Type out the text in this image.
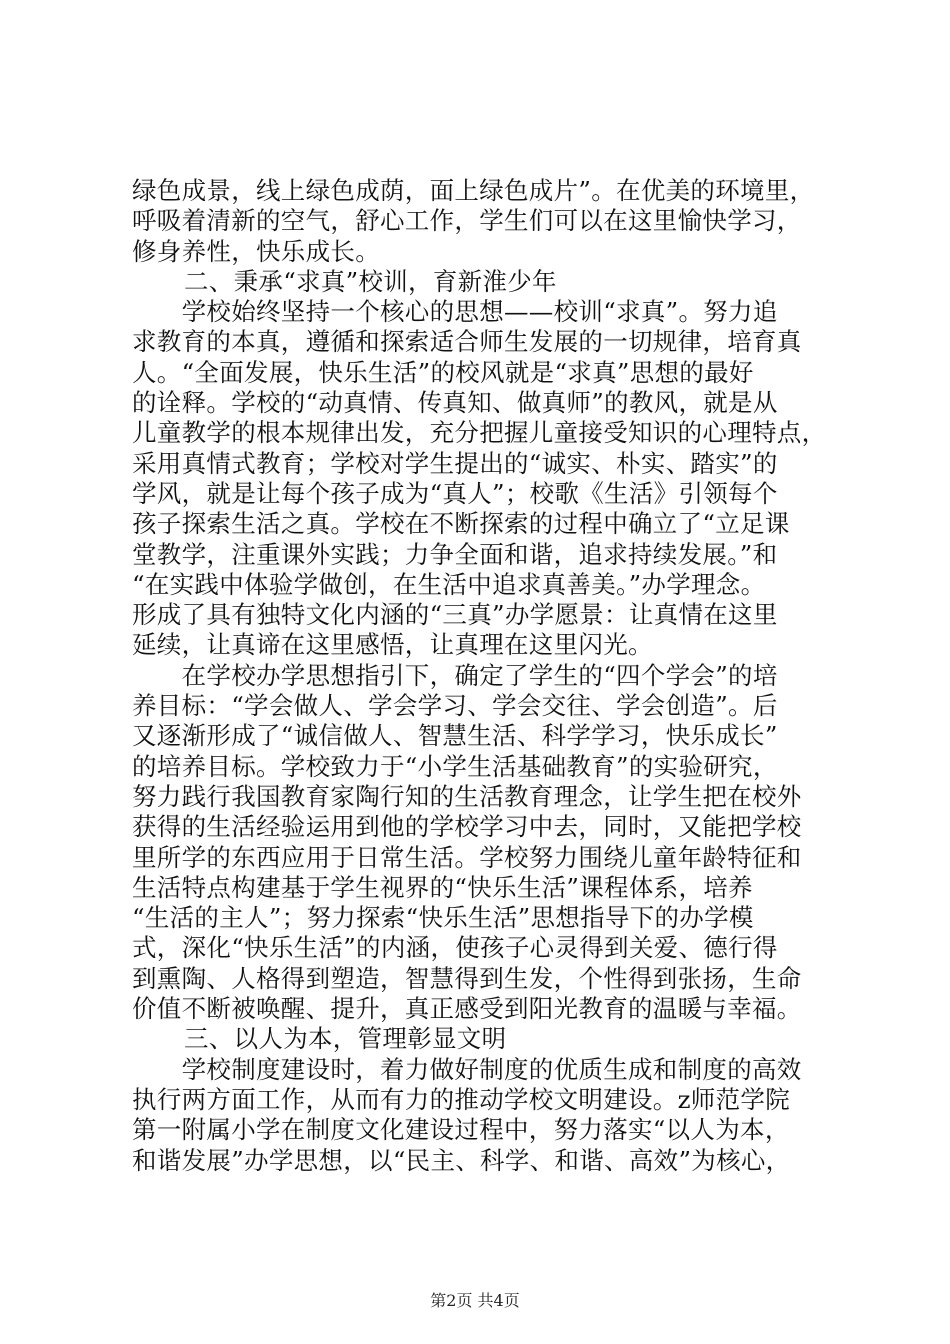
绿色成景，线上绿色成荫，面上绿色成片”。在优美的环境里，
呼吸着清新的空气，舒心工作，学生们可以在这里愉快学习，
修身养性，快乐成长。
二、秉承“求真”校训，育新淮少年
　　学校始终坚持一个核心的思想——校训“求真”。努力追
求教育的本真，遵循和探索适合师生发展的一切规律，培育真
人。“全面发展，快乐生活”的校风就是“求真”思想的最好
的诠释。学校的“动真情、传真知、做真师”的教风，就是从
儿童教学的根本规律出发，充分把握儿童接受知识的心理特点，
采用真情式教育；学校对学生提出的“诚实、朴实、踏实”的
学风，就是让每个孩子成为“真人”；校歌《生活》引领每个
孩子探索生活之真。学校在不断探索的过程中确立了“立足课
堂教学，注重课外实践；力争全面和谐，追求持续发展。”和
“在实践中体验学做创，在生活中追求真善美。”办学理念。
形成了具有独特文化内涵的“三真”办学愿景：让真情在这里
延续，让真谛在这里感悟，让真理在这里闪光。
　　在学校办学思想指引下，确定了学生的“四个学会”的培
养目标：“学会做人、学会学习、学会交往、学会创造”。后
又逐渐形成了“诚信做人、智慧生活、科学学习，快乐成长”
的培养目标。学校致力于“小学生活基础教育”的实验研究，
努力践行我国教育家陶行知的生活教育理念，让学生把在校外
获得的生活经验运用到他的学校学习中去，同时，又能把学校
里所学的东西应用于日常生活。学校努力围绕儿童年龄特征和
生活特点构建基于学生视界的“快乐生活”课程体系，培养
“生活的主人”；努力探索“快乐生活”思想指导下的办学模
式，深化“快乐生活”的内涵，使孩子心灵得到关爱、德行得
到熏陶、人格得到塑造，智慧得到生发，个性得到张扬，生命
价值不断被唤醒、提升，真正感受到阳光教育的温暖与幸福。
三、以人为本，管理彰显文明
　　学校制度建设时，着力做好制度的优质生成和制度的高效
执行两方面工作，从而有力的推动学校文明建设。z师范学院
第一附属小学在制度文化建设过程中，努力落实“以人为本，
和谐发展”办学思想，以“民主、科学、和谐、高效”为核心，
第2页 共4页
